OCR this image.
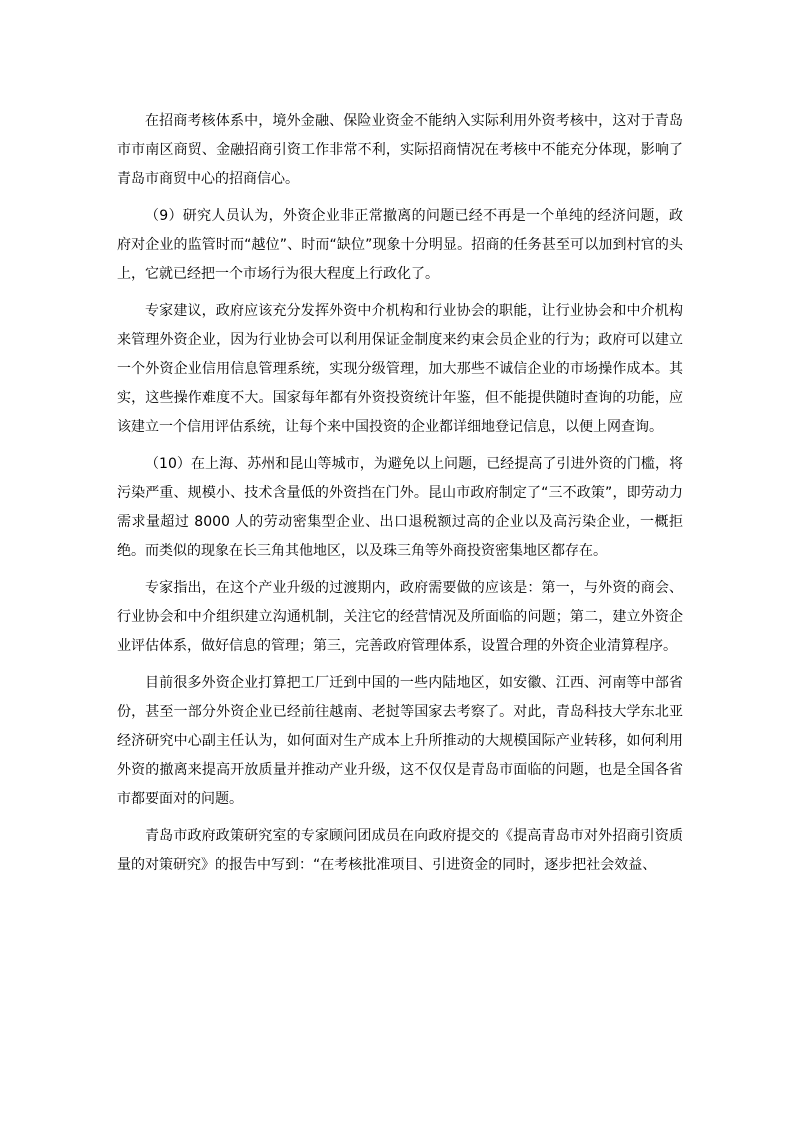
在招商考核体系中，境外金融、保险业资金不能纳入实际利用外资考核中，这对于青岛市市南区商贸、金融招商引资工作非常不利，实际招商情况在考核中不能充分体现，影响了青岛市商贸中心的招商信心。

（9）研究人员认为，外资企业非正常撤离的问题已经不再是一个单纯的经济问题，政府对企业的监管时而“越位”、时而“缺位”现象十分明显。招商的任务甚至可以加到村官的头上，它就已经把一个市场行为很大程度上行政化了。

专家建议，政府应该充分发挥外资中介机构和行业协会的职能，让行业协会和中介机构来管理外资企业，因为行业协会可以利用保证金制度来约束会员企业的行为；政府可以建立一个外资企业信用信息管理系统，实现分级管理，加大那些不诚信企业的市场操作成本。其实，这些操作难度不大。国家每年都有外资投资统计年鉴，但不能提供随时查询的功能，应该建立一个信用评估系统，让每个来中国投资的企业都详细地登记信息，以便上网查询。

（10）在上海、苏州和昆山等城市，为避免以上问题，已经提高了引进外资的门槛，将污染严重、规模小、技术含量低的外资挡在门外。昆山市政府制定了“三不政策”，即劳动力需求量超过 8000 人的劳动密集型企业、出口退税额过高的企业以及高污染企业，一概拒绝。而类似的现象在长三角其他地区，以及珠三角等外商投资密集地区都存在。

专家指出，在这个产业升级的过渡期内，政府需要做的应该是：第一，与外资的商会、行业协会和中介组织建立沟通机制，关注它的经营情况及所面临的问题；第二，建立外资企业评估体系，做好信息的管理；第三，完善政府管理体系，设置合理的外资企业清算程序。

目前很多外资企业打算把工厂迁到中国的一些内陆地区，如安徽、江西、河南等中部省份，甚至一部分外资企业已经前往越南、老挝等国家去考察了。对此，青岛科技大学东北亚经济研究中心副主任认为，如何面对生产成本上升所推动的大规模国际产业转移，如何利用外资的撤离来提高开放质量并推动产业升级，这不仅仅是青岛市面临的问题，也是全国各省市都要面对的问题。

青岛市政府政策研究室的专家顾问团成员在向政府提交的《提高青岛市对外招商引资质量的对策研究》的报告中写到：“在考核批准项目、引进资金的同时，逐步把社会效益、
